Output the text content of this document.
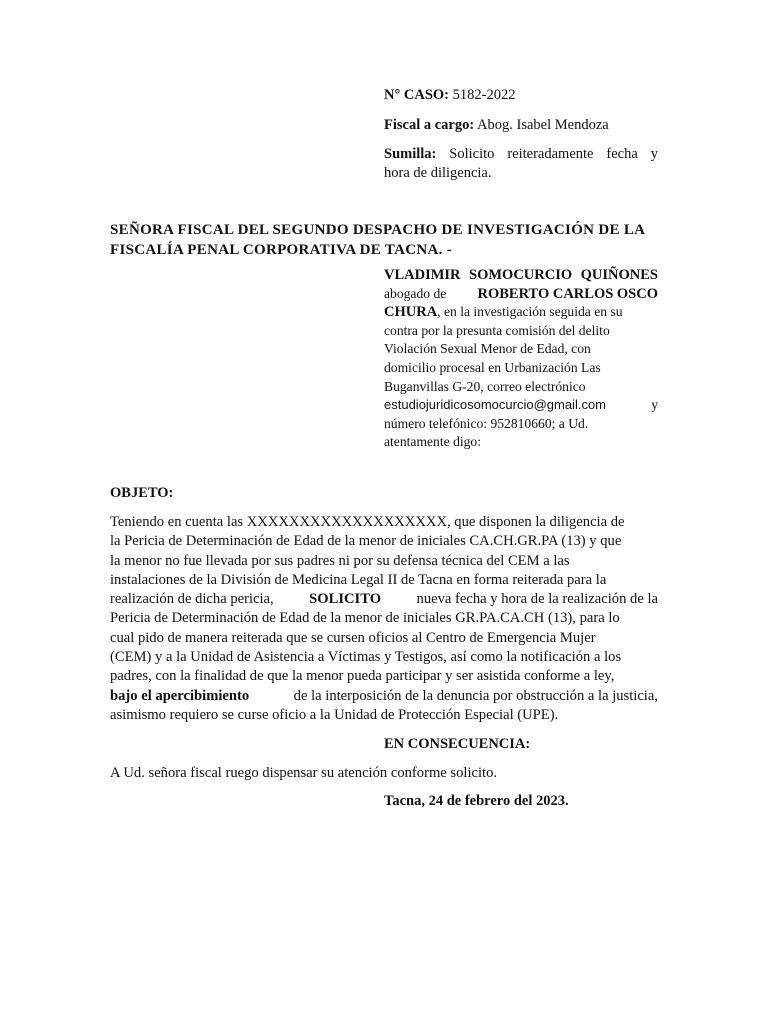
N° CASO: 5182-2022
Fiscal a cargo: Abog. Isabel Mendoza
Sumilla: Solicito reiteradamente fecha y
hora de diligencia.
SEÑORA FISCAL DEL SEGUNDO DESPACHO DE INVESTIGACIÓN DE LA
FISCALÍA PENAL CORPORATIVA DE TACNA. -
VLADIMIR SOMOCURCIO QUIÑONES
abogado de ROBERTO CARLOS OSCO
CHURA, en la investigación seguida en su
contra por la presunta comisión del delito
Violación Sexual Menor de Edad, con
domicilio procesal en Urbanización Las
Buganvillas G-20, correo electrónico
estudiojuridicosomocurcio@gmail.com	y
número telefónico: 952810660; a Ud.
atentamente digo:
OBJETO:
Teniendo en cuenta las XXXXXXXXXXXXXXXXXXX, que disponen la diligencia de
la Pericia de Determinación de Edad de la menor de iniciales CA.CH.GR.PA (13) y que
la menor no fue llevada por sus padres ni por su defensa técnica del CEM a las
instalaciones de la División de Medicina Legal II de Tacna en forma reiterada para la
realización de dicha pericia, SOLICITO nueva fecha y hora de la realización de la
Pericia de Determinación de Edad de la menor de iniciales GR.PA.CA.CH (13), para lo
cual pido de manera reiterada que se cursen oficios al Centro de Emergencia Mujer
(CEM) y a la Unidad de Asistencia a Víctimas y Testigos, así como la notificación a los
padres, con la finalidad de que la menor pueda participar y ser asistida conforme a ley,
bajo el apercibimiento	de la interposición de la denuncia por obstrucción a la justicia,
asimismo requiero se curse oficio a la Unidad de Protección Especial (UPE).
EN CONSECUENCIA:
A Ud. señora fiscal ruego dispensar su atención conforme solicito.
Tacna, 24 de febrero del 2023.
